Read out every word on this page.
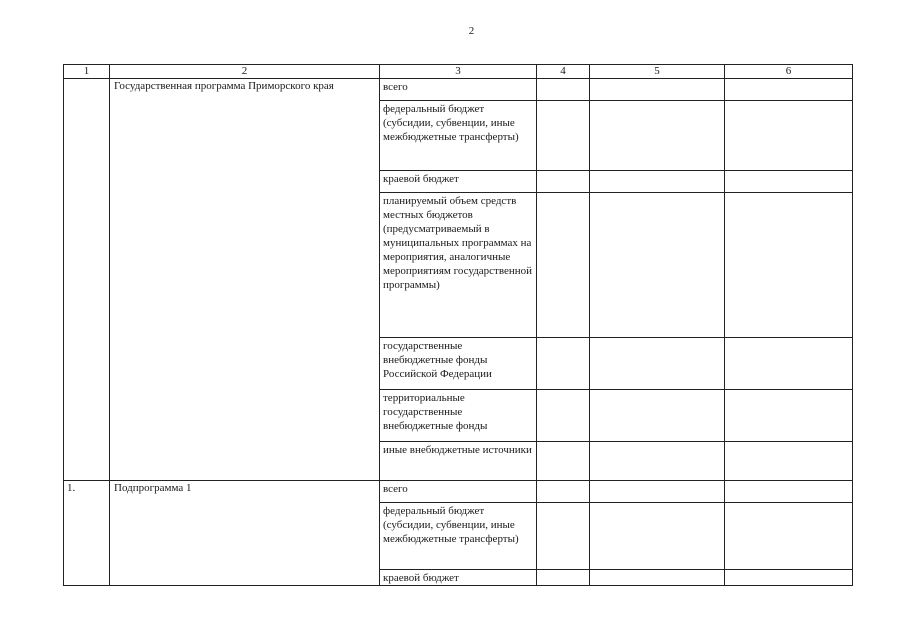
2
1	2	3	4	5	6
	Государственная программа Приморского края	всего			
		федеральный бюджет (субсидии, субвенции, иные межбюджетные трансферты)			
		краевой бюджет			
		планируемый объем средств местных бюджетов (предусматриваемый в муниципальных программах на мероприятия, аналогичные мероприятиям государственной программы)			
		государственные внебюджетные фонды Российской Федерации			
		территориальные государственные внебюджетные фонды			
		иные внебюджетные источники			
1.	Подпрограмма 1	всего			
		федеральный бюджет (субсидии, субвенции, иные межбюджетные трансферты)			
		краевой бюджет			
